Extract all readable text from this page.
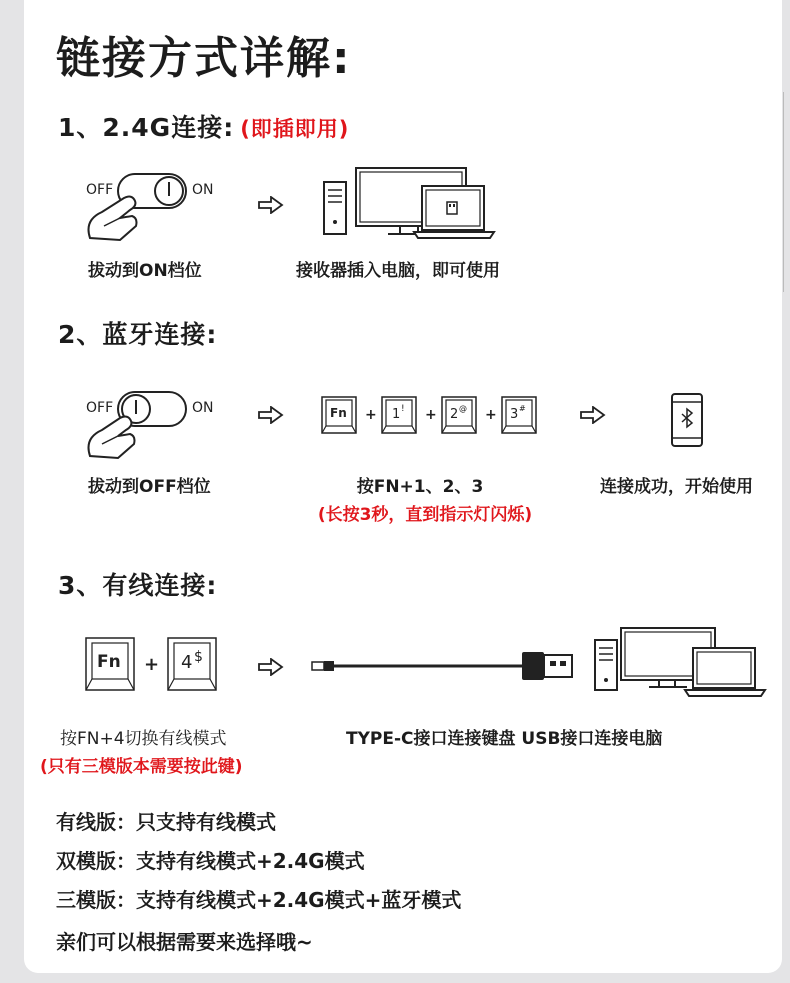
链接方式详解:
1、2.4G连接: (即插即用)
OFF	ON
拔动到ON档位	接收器插入电脑，即可使用
2、蓝牙连接:
OFF	ON	Fn + 1 ! + 2 @ + 3 #
拔动到OFF档位	按FN+1、2、3
(长按3秒，直到指示灯闪烁)
连接成功，开始使用
3、有线连接:
Fn + 4 $
按FN+4切换有线模式
(只有三模版本需要按此键)
TYPE-C接口连接键盘 USB接口连接电脑
有线版：只支持有线模式
双模版：支持有线模式+2.4G模式
三模版：支持有线模式+2.4G模式+蓝牙模式
亲们可以根据需要来选择哦~
